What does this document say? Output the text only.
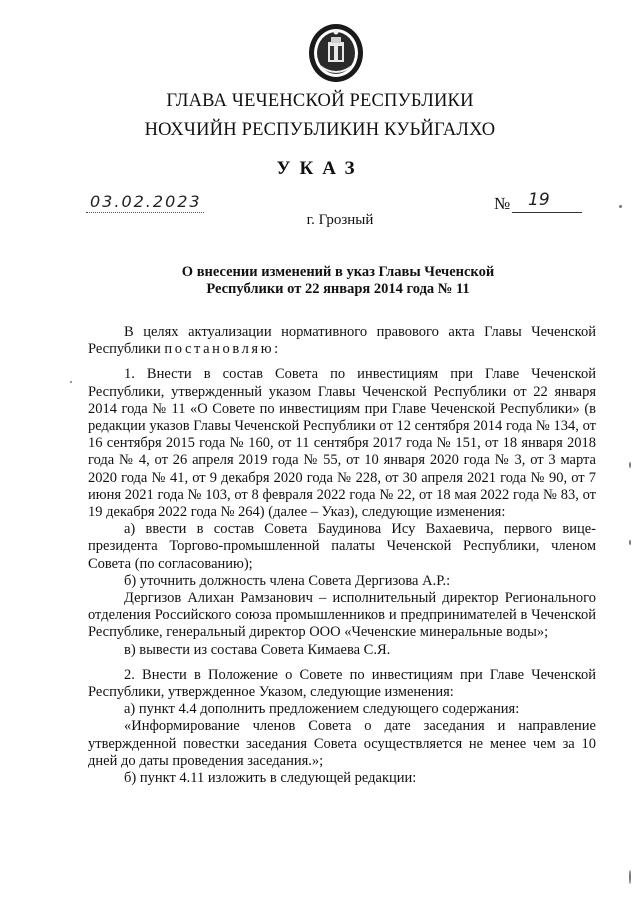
ГЛАВА ЧЕЧЕНСКОЙ РЕСПУБЛИКИ
НОХЧИЙН РЕСПУБЛИКИН КУЬЙГАЛХО
УКАЗ
03.02.2023	№ 19
г. Грозный
О внесении изменений в указ Главы Чеченской
Республики от 22 января 2014 года № 11

В целях актуализации нормативного правового акта Главы Чеченской Республики постановляю:

1. Внести в состав Совета по инвестициям при Главе Чеченской Республики, утвержденный указом Главы Чеченской Республики от 22 января 2014 года № 11 «О Совете по инвестициям при Главе Чеченской Республики» (в редакции указов Главы Чеченской Республики от 12 сентября 2014 года № 134, от 16 сентября 2015 года № 160, от 11 сентября 2017 года № 151, от 18 января 2018 года № 4, от 26 апреля 2019 года № 55, от 10 января 2020 года № 3, от 3 марта 2020 года № 41, от 9 декабря 2020 года № 228, от 30 апреля 2021 года № 90, от 7 июня 2021 года № 103, от 8 февраля 2022 года № 22, от 18 мая 2022 года № 83, от 19 декабря 2022 года № 264) (далее – Указ), следующие изменения:

а) ввести в состав Совета Баудинова Ису Вахаевича, первого вице-президента Торгово-промышленной палаты Чеченской Республики, членом Совета (по согласованию);

б) уточнить должность члена Совета Дергизова А.Р.:

Дергизов Алихан Рамзанович – исполнительный директор Регионального отделения Российского союза промышленников и предпринимателей в Чеченской Республике, генеральный директор ООО «Чеченские минеральные воды»;

в) вывести из состава Совета Кимаева С.Я.

2. Внести в Положение о Совете по инвестициям при Главе Чеченской Республики, утвержденное Указом, следующие изменения:

а) пункт 4.4 дополнить предложением следующего содержания:

«Информирование членов Совета о дате заседания и направление утвержденной повестки заседания Совета осуществляется не менее чем за 10 дней до даты проведения заседания.»;

б) пункт 4.11 изложить в следующей редакции:
